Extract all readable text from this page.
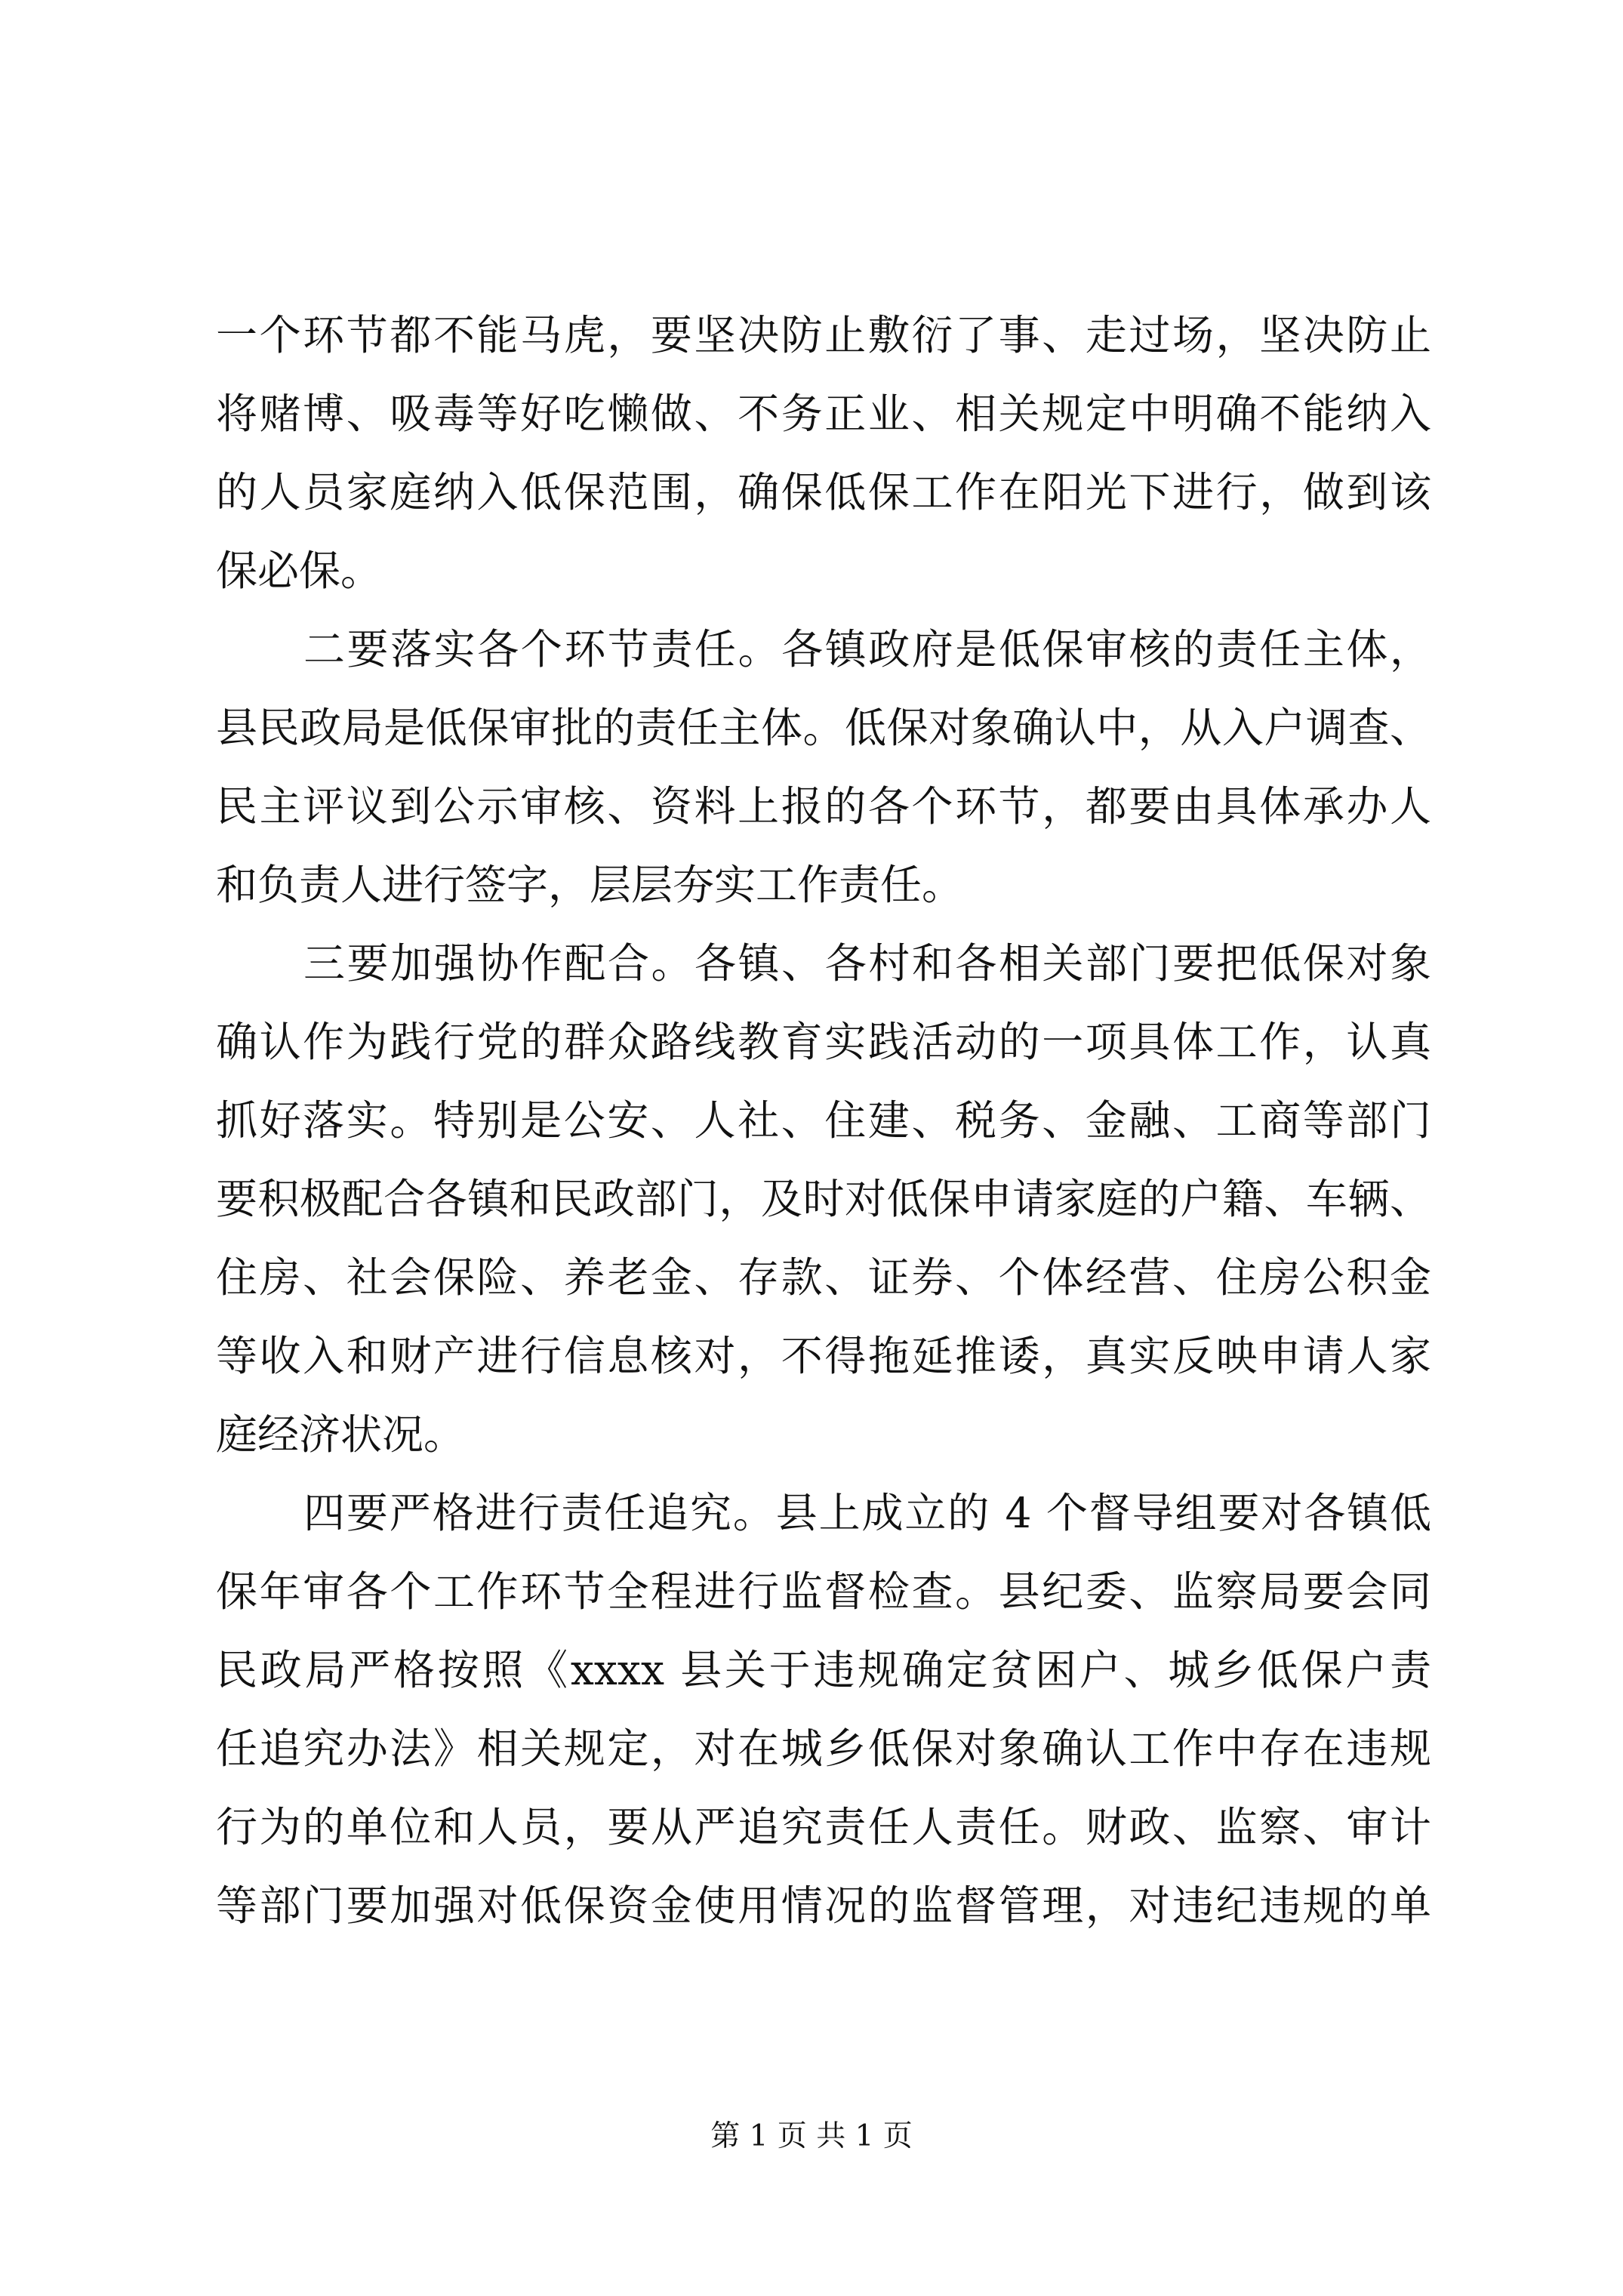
一个环节都不能马虎，要坚决防止敷衍了事、走过场，坚决防止
将赌博、吸毒等好吃懒做、不务正业、相关规定中明确不能纳入
的人员家庭纳入低保范围，确保低保工作在阳光下进行，做到该
保必保。
二要落实各个环节责任。各镇政府是低保审核的责任主体，
县民政局是低保审批的责任主体。低保对象确认中，从入户调查、
民主评议到公示审核、资料上报的各个环节，都要由具体承办人
和负责人进行签字，层层夯实工作责任。
三要加强协作配合。各镇、各村和各相关部门要把低保对象
确认作为践行党的群众路线教育实践活动的一项具体工作，认真
抓好落实。特别是公安、人社、住建、税务、金融、工商等部门
要积极配合各镇和民政部门，及时对低保申请家庭的户籍、车辆、
住房、社会保险、养老金、存款、证券、个体经营、住房公积金
等收入和财产进行信息核对，不得拖延推诿，真实反映申请人家
庭经济状况。
四要严格进行责任追究。县上成立的 4 个督导组要对各镇低
保年审各个工作环节全程进行监督检查。县纪委、监察局要会同
民政局严格按照《xxxx 县关于违规确定贫困户、城乡低保户责
任追究办法》相关规定，对在城乡低保对象确认工作中存在违规
行为的单位和人员，要从严追究责任人责任。财政、监察、审计
等部门要加强对低保资金使用情况的监督管理，对违纪违规的单
第 1 页 共 1 页
